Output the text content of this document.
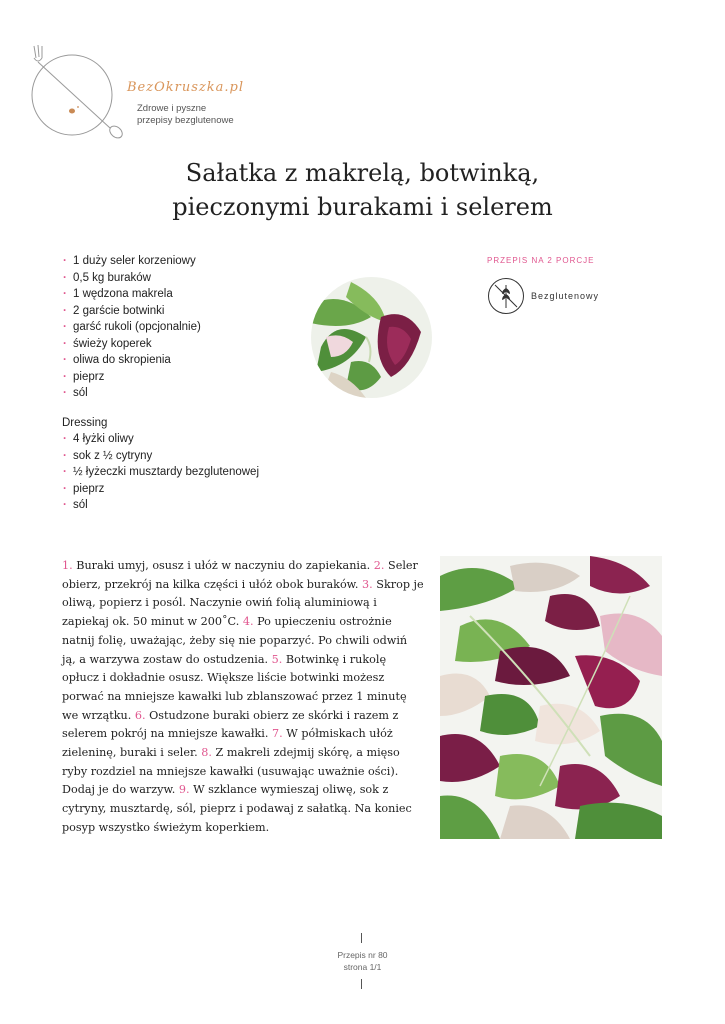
BezOkruszka.pl
Zdrowe i pyszne
przepisy bezglutenowe
Sałatka z makrelą, botwinką,
pieczonymi burakami i selerem
· 1 duży seler korzeniowy
· 0,5 kg buraków
· 1 wędzona makrela
· 2 garście botwinki
· garść rukoli (opcjonalnie)
· świeży koperek
· oliwa do skropienia
· pieprz
· sól
Dressing
· 4 łyżki oliwy
· sok z ½ cytryny
· ½ łyżeczki musztardy bezglutenowej
· pieprz
· sól
PRZEPIS NA 2 PORCJE
Bezglutenowy
1. Buraki umyj, osusz i ułóż w naczyniu do zapiekania. 2. Seler obierz, przekrój na kilka części i ułóż obok buraków. 3. Skrop je oliwą, popierz i posól. Naczynie owiń folią aluminiową i zapiekaj ok. 50 minut w 200˚C. 4. Po upieczeniu ostrożnie natnij folię, uważając, żeby się nie poparzyć. Po chwili odwiń ją, a warzywa zostaw do ostudzenia. 5. Botwinkę i rukolę opłucz i dokładnie osusz. Większe liście botwinki możesz porwać na mniejsze kawałki lub zblanszować przez 1 minutę we wrzątku. 6. Ostudzone buraki obierz ze skórki i razem z selerem pokrój na mniejsze kawałki. 7. W półmiskach ułóż zieleninę, buraki i seler. 8. Z makreli zdejmij skórę, a mięso ryby rozdziel na mniejsze kawałki (usuwając uważnie ości). Dodaj je do warzyw. 9. W szklance wymieszaj oliwę, sok z cytryny, musztardę, sól, pieprz i podawaj z sałatką. Na koniec posyp wszystko świeżym koperkiem.
Przepis nr 80
strona 1/1
